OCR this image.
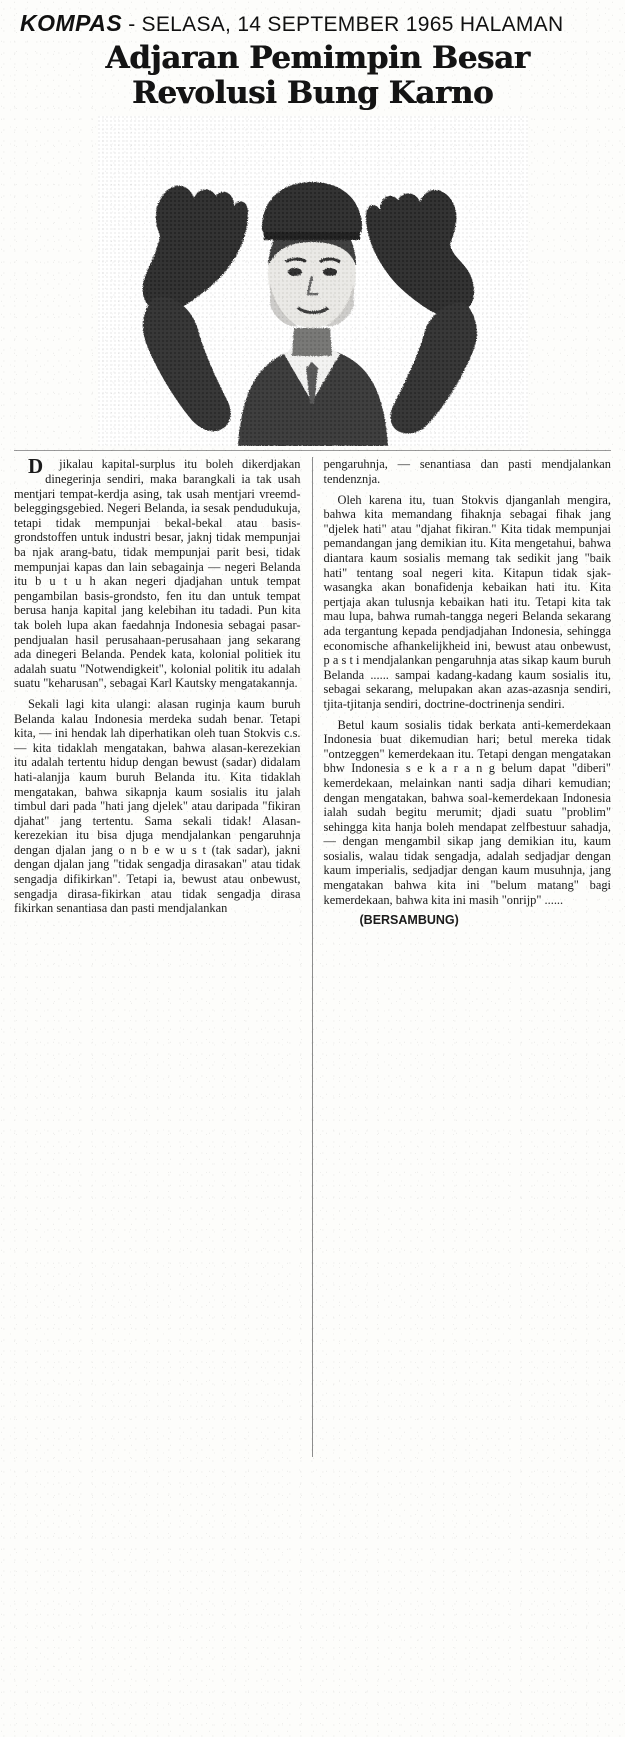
KOMPAS - SELASA, 14 SEPTEMBER 1965 HALAMAN
Adjaran Pemimpin Besar
Revolusi Bung Karno

Djikalau kapital-surplus itu boleh dikerdjakan dinegerinja sendiri, maka barangkali ia tak usah mentjari tempat-kerdja asing, tak usah mentjari vreemd-beleggingsgebied. Negeri Belanda, ia sesak pendudukuja, tetapi tidak mempunjai bekal-bekal atau basis-grondstoffen untuk industri besar, jaknj tidak mempunjai ba njak arang-batu, tidak mempunjai parit besi, tidak mempunjai kapas dan lain sebagainja — negeri Belanda itu b u t u h akan negeri djadjahan untuk tempat pengambilan basis-grondsto, fen itu dan untuk tempat berusa hanja kapital jang kelebihan itu tadadi. Pun kita tak boleh lupa akan faedahnja Indonesia sebagai pasar-pendjualan hasil perusahaan-perusahaan jang sekarang ada dinegeri Belanda. Pendek kata, kolonial politiek itu adalah suatu "Notwendigkeit", kolonial politik itu adalah suatu "keharusan", sebagai Karl Kautsky mengatakannja.

Sekali lagi kita ulangi: alasan ruginja kaum buruh Belanda kalau Indonesia merdeka sudah benar. Tetapi kita, — ini hendak lah diperhatikan oleh tuan Stokvis c.s. — kita tidaklah mengatakan, bahwa alasan-kerezekian itu adalah tertentu hidup dengan bewust (sadar) didalam hati-alanjja kaum buruh Belanda itu. Kita tidaklah mengatakan, bahwa sikapnja kaum sosialis itu jalah timbul dari pada "hati jang djelek" atau daripada "fikiran djahat" jang tertentu. Sama sekali tidak! Alasan-kerezekian itu bisa djuga mendjalankan pengaruhnja dengan djalan jang o n b e w u s t (tak sadar), jakni dengan djalan jang "tidak sengadja dirasakan" atau tidak sengadja difikirkan". Tetapi ia, bewust atau onbewust, sengadja dirasa-fikirkan atau tidak sengadja dirasa fikirkan senantiasa dan pasti mendjalankan

pengaruhnja, — senantiasa dan pasti mendjalankan tendenznja.

Oleh karena itu, tuan Stokvis djanganlah mengira, bahwa kita memandang fihaknja sebagai fihak jang "djelek hati" atau "djahat fikiran." Kita tidak mempunjai pemandangan jang demikian itu. Kita mengetahui, bahwa diantara kaum sosialis memang tak sedikit jang "baik hati" tentang soal negeri kita. Kitapun tidak sjak-wasangka akan bonafidenja kebaikan hati itu. Kita pertjaja akan tulusnja kebaikan hati itu. Tetapi kita tak mau lupa, bahwa rumah-tangga negeri Belanda sekarang ada tergantung kepada pendjadjahan Indonesia, sehingga economische afhankelijkheid ini, bewust atau onbewust, p a s t i mendjalankan pengaruhnja atas sikap kaum buruh Belanda ...... sampai kadang-kadang kaum sosialis itu, sebagai sekarang, melupakan akan azas-azasnja sendiri, tjita-tjitanja sendiri, doctrine-doctrinenja sendiri.

Betul kaum sosialis tidak berkata anti-kemerdekaan Indonesia buat dikemudian hari; betul mereka tidak "ontzeggen" kemerdekaan itu. Tetapi dengan mengatakan bhw Indonesia s e k a r a n g belum dapat "diberi" kemerdekaan, melainkan nanti sadja dihari kemudian; dengan mengatakan, bahwa soal-kemerdekaan Indonesia ialah sudah begitu merumit; djadi suatu "problim" sehingga kita hanja boleh mendapat zelfbestuur sahadja, — dengan mengambil sikap jang demikian itu, kaum sosialis, walau tidak sengadja, adalah sedjadjar dengan kaum imperialis, sedjadjar dengan kaum musuhnja, jang mengatakan bahwa kita ini "belum matang" bagi kemerdekaan, bahwa kita ini masih "onrijp" ......

(BERSAMBUNG)
